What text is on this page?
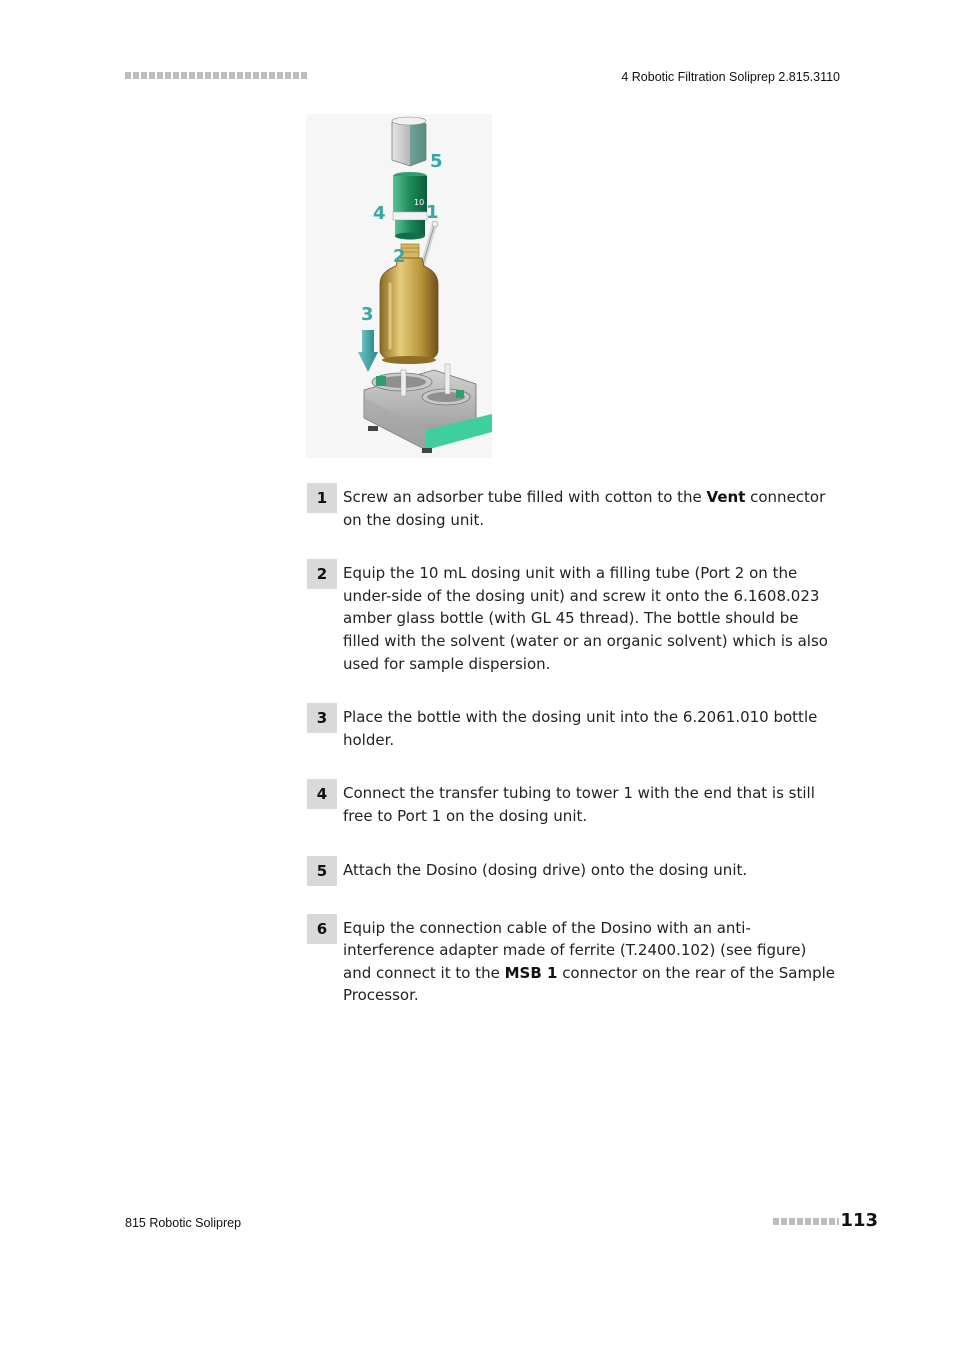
4 Robotic Filtration Soliprep 2.815.3110
10
5
4 1
2
3
1	Screw an adsorber tube filled with cotton to the Vent connector on the dosing unit.
2	Equip the 10 mL dosing unit with a filling tube (Port 2 on the under-side of the dosing unit) and screw it onto the 6.1608.023 amber glass bottle (with GL 45 thread). The bottle should be filled with the solvent (water or an organic solvent) which is also used for sample dispersion.
3	Place the bottle with the dosing unit into the 6.2061.010 bottle holder.
4	Connect the transfer tubing to tower 1 with the end that is still free to Port 1 on the dosing unit.
5	Attach the Dosino (dosing drive) onto the dosing unit.
6	Equip the connection cable of the Dosino with an anti-interference adapter made of ferrite (T.2400.102) (see figure) and connect it to the MSB 1 connector on the rear of the Sample Processor.
815 Robotic Soliprep	113
